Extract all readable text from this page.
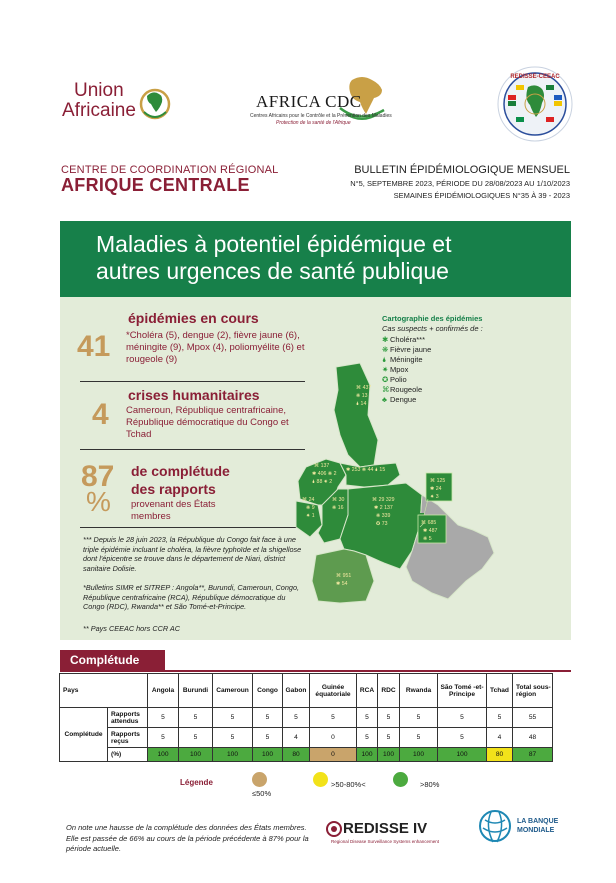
Union
Africaine	AFRICA CDC
Centres Africains pour le Contrôle et la Prévention des Maladies
Protection de la santé de l'Afrique
REDISSE-CEEAC
CENTRE DE COORDINATION RÉGIONAL
AFRIQUE CENTRALE
BULLETIN ÉPIDÉMIOLOGIQUE MENSUEL
N°5, SEPTEMBRE 2023, PÉRIODE DU 28/08/2023 AU 1/10/2023
SEMAINES ÉPIDÉMIOLOGIQUES N°35 À 39 - 2023
Maladies à potentiel épidémique et
autres urgences de santé publique
41
épidémies en cours
*Choléra (5), dengue (2), fièvre jaune (6), méningite (9), Mpox (4), poliomyélite (6) et rougeole (9)
4
crises humanitaires
Cameroun, République centrafricaine, République démocratique du Congo et Tchad
87
%
de complétude
des rapports
provenant des États membres
*** Depuis le 28 juin 2023, la République du Congo fait face à une triple épidémie incluant le choléra, la fièvre typhoïde et la shigellose dont l'épicentre se trouve dans le département de Niari, district sanitaire Dolisie.
*Bulletins SIMR et SITREP : Angola**, Burundi, Cameroun, Congo, République centrafricaine (RCA), République démocratique du Congo (RDC), Rwanda** et São Tomé-et-Principe.
** Pays CEEAC hors CCR AC
Cartographie des épidémies
Cas suspects + confirmés de :
✱ Choléra***
❋ Fièvre jaune
🌢 Méningite
✷ Mpox
✪ Polio
⌘Rougeole
♣ Dengue
⌘ 437
❋ 13
🌢 14
⌘ 137
✱ 406 ❋ 2
🌢 88 ✷ 2
✱ 253 ❋ 44 🌢 15
⌘ 24
❋ 9
✷ 1
⌘ 30
❋ 16
⌘ 29 329
✱ 2 137
❋ 339
✪ 73
⌘ 125
✱ 24
✷ 3
⌘ 685
✱ 487
❋ 5
⌘ 951
✱ 54
Complétude
Pays		Angola	Burundi	Cameroun	Congo	Gabon	Guinée équatoriale	RCA	RDC	Rwanda	São Tomé -et-Principe	Tchad	Total sous-région
Complétude	Rapports attendus	5	5	5	5	5	5	5	5	5	5	5	55
	Rapports reçus	5	5	5	5	4	0	5	5	5	5	4	48
	(%)	100	100	100	100	80	0	100	100	100	100	80	87
Légende
≤50%
>50-80%<	>80%
On note une hausse de la complétude des données des États membres. Elle est passée de 66% au cours de la période précédente à 87% pour la période actuelle.
REDISSE IV
Regional Disease Surveillance Systems enhancement
LA BANQUE
MONDIALE
